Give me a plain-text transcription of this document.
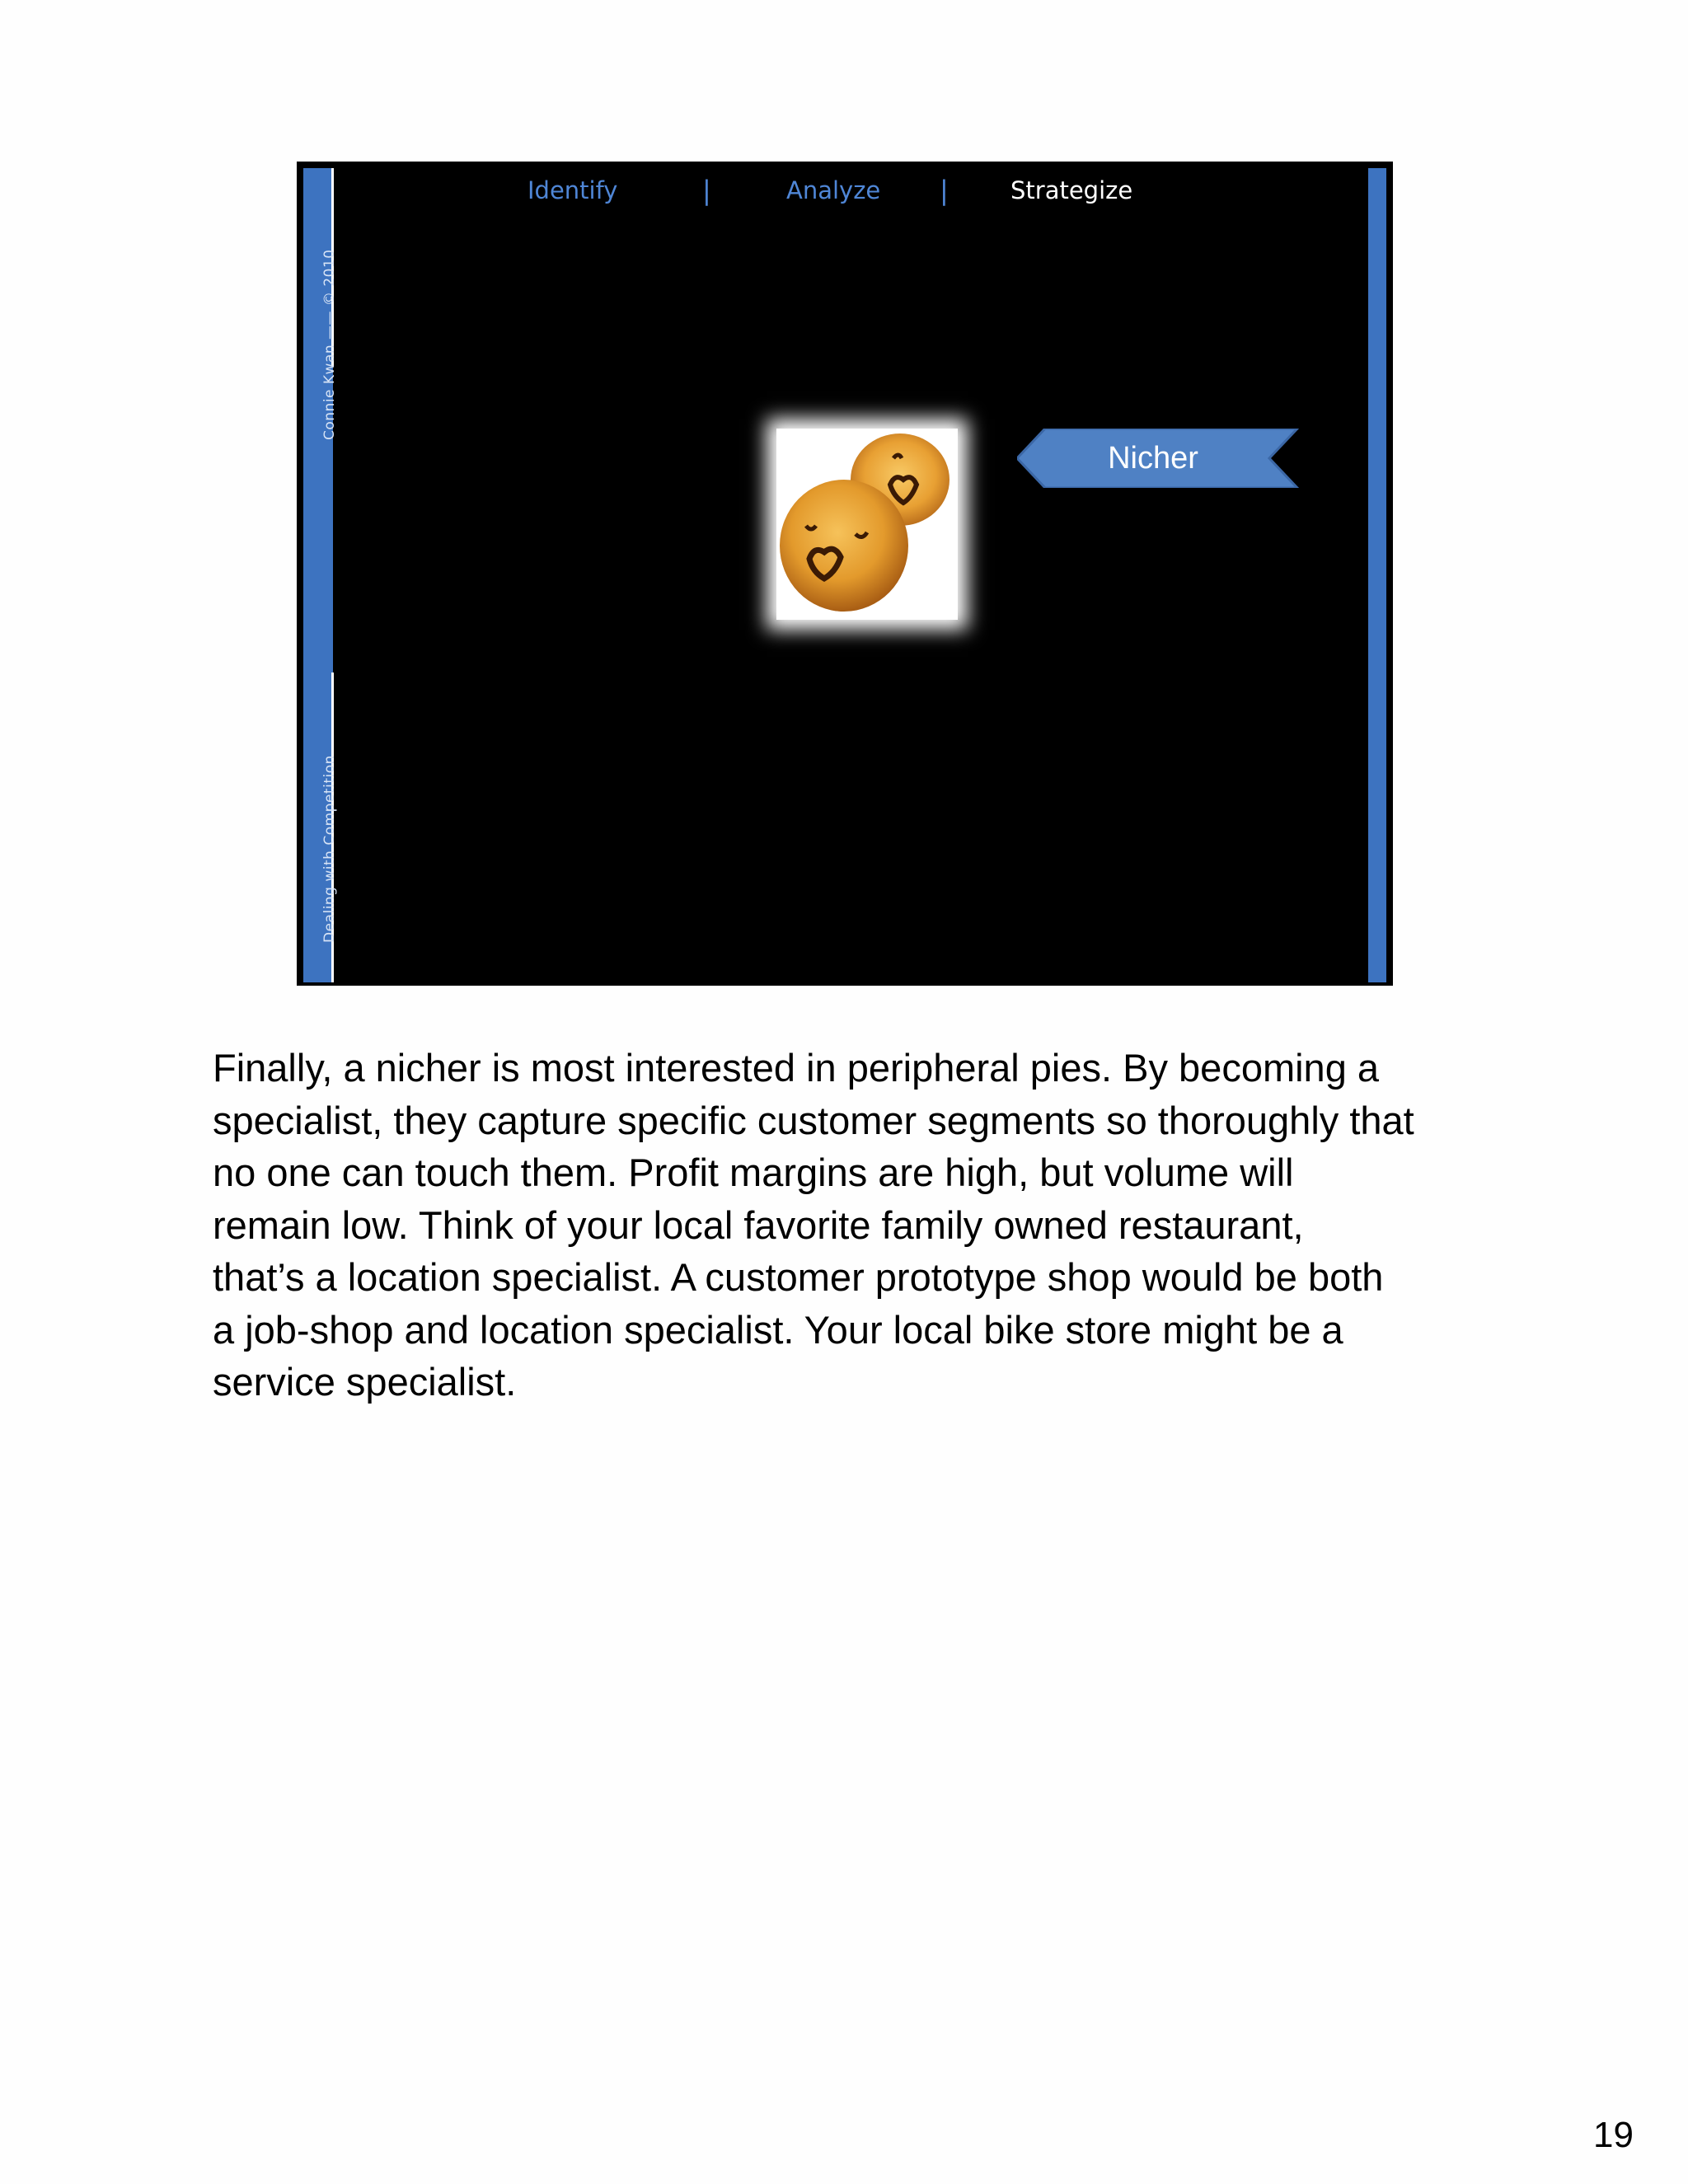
Connie Kwan —— © 2010
Dealing with Competition
Identify	|	Analyze |	Strategize
Nicher
Finally, a nicher is most interested in peripheral pies. By becoming a
specialist, they capture specific customer segments so thoroughly that
no one can touch them. Profit margins are high, but volume will
remain low. Think of your local favorite family owned restaurant,
that’s a location specialist. A customer prototype shop would be both
a job-shop and location specialist. Your local bike store might be a
service specialist.
19
